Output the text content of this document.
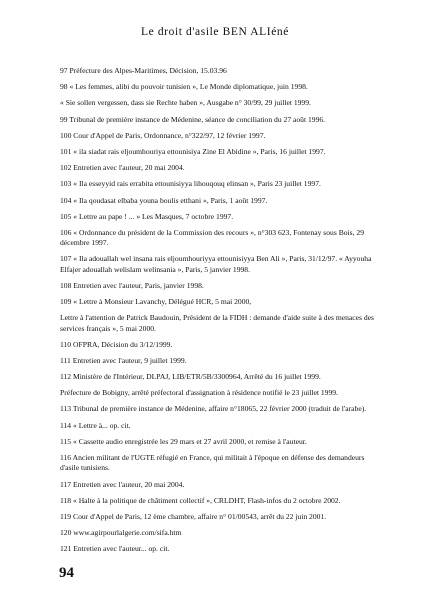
Le droit d'asile BEN ALIéné

97 Préfecture des Alpes-Maritimes, Décision, 15.03.96

98 « Les femmes, alibi du pouvoir tunisien », Le Monde diplomatique, juin 1998.

« Sie sollen vergessen, dass sie Rechte haben », Ausgabe n° 30/99, 29 juillet 1999.

99 Tribunal de première instance de Médenine, séance de conciliation du 27 août 1996.

100 Cour d'Appel de Paris, Ordonnance, n°322/97, 12 février 1997.

101 « ila siadat rais eljoumhouriya ettounisiya Zine El Abidine », Paris, 16 juillet 1997.

102 Entretien avec l'auteur, 20 mai 2004.

103 « Ila esseyyid rais errabita ettounisiyya lihouqouq elinsan », Paris 23 juillet 1997.

104 « Ila qoudasat elbaba youna boulis etthani », Paris, 1 août 1997.

105 « Lettre au pape ! ... » Les Masques, 7 octobre 1997.

106 « Ordonnance du président de la Commission des recours », n°303 623, Fontenay sous Bois, 29 décembre 1997.

107 « Ila adouallah wel insana rais eljoumhouriyya ettounisiyya Ben Ali », Paris, 31/12/97. « Ayyouha Elfajer adouallah welislam welinsania », Paris, 5 janvier 1998.

108 Entretien avec l'auteur, Paris, janvier 1998.

109 « Lettre à Monsieur Lavanchy, Délégué HCR, 5 mai 2000,

Lettre à l'attention de Patrick Baudouin, Président de la FIDH : demande d'aide suite à des menaces des services français », 5 mai 2000.

110 OFPRA, Décision du 3/12/1999.

111 Entretien avec l'auteur, 9 juillet 1999.

112 Ministère de l'Intérieur, DLPAJ, LIB/ETR/5B/3300964, Arrêté du 16 juillet 1999.

Préfecture de Bobigny, arrêté préfectoral d'assignation à résidence notifié le 23 juillet 1999.

113 Tribunal de première instance de Médenine, affaire n°18065, 22 février 2000 (traduit de l'arabe).

114 « Lettre à... op. cit.

115 « Cassette audio enregistrée les 29 mars et 27 avril 2000, et remise à l'auteur.

116 Ancien militant de l'UGTE réfugié en France, qui militait à l'époque en défense des demandeurs d'asile tunisiens.

117 Entretien avec l'auteur, 20 mai 2004.

118 « Halte à la politique de châtiment collectif », CRLDHT, Flash-infos du 2 octobre 2002.

119 Cour d'Appel de Paris, 12 ème chambre, affaire n° 01/00543, arrêt du 22 juin 2001.

120 www.agirpourlalgerie.com/sifa.htm

121 Entretien avec l'auteur... op. cit.

94
